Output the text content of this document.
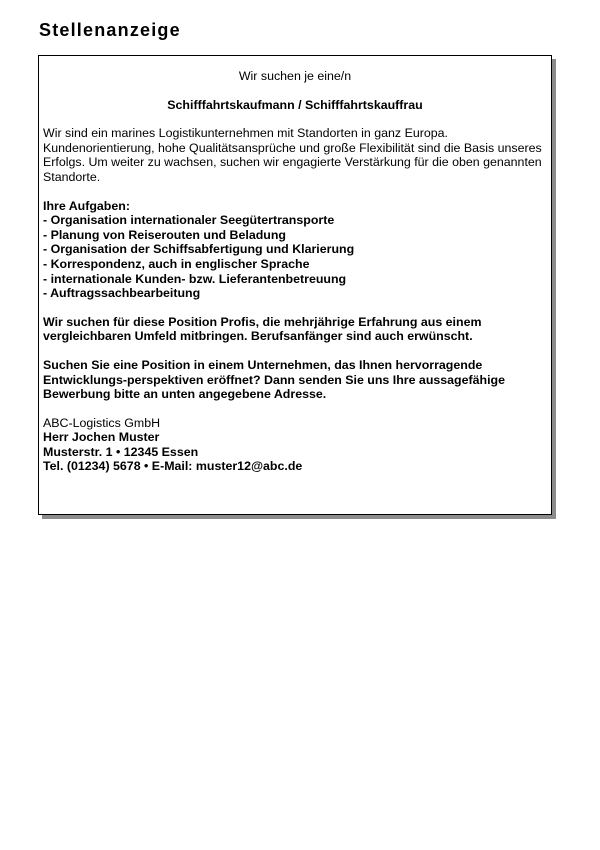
Stellenanzeige

Wir suchen je eine/n

Schifffahrtskaufmann / Schifffahrtskauffrau

Wir sind ein marines Logistikunternehmen mit Standorten in ganz Europa. Kundenorientierung, hohe Qualitätsansprüche und große Flexibilität sind die Basis unseres Erfolgs. Um weiter zu wachsen, suchen wir engagierte Verstärkung für die oben genannten Standorte.

Ihre Aufgaben:

- Organisation internationaler Seegütertransporte
- Planung von Reiserouten und Beladung
- Organisation der Schiffsabfertigung und Klarierung
- Korrespondenz, auch in englischer Sprache
- internationale Kunden- bzw. Lieferantenbetreuung
- Auftragssachbearbeitung

Wir suchen für diese Position Profis, die mehrjährige Erfahrung aus einem vergleichbaren Umfeld mitbringen. Berufsanfänger sind auch erwünscht.

Suchen Sie eine Position in einem Unternehmen, das Ihnen hervorragende Entwicklungs-perspektiven eröffnet? Dann senden Sie uns Ihre aussagefähige Bewerbung bitte an unten angegebene Adresse.

ABC-Logistics GmbH
Herr Jochen Muster
Musterstr. 1 • 12345 Essen
Tel. (01234) 5678 • E-Mail: muster12@abc.de
